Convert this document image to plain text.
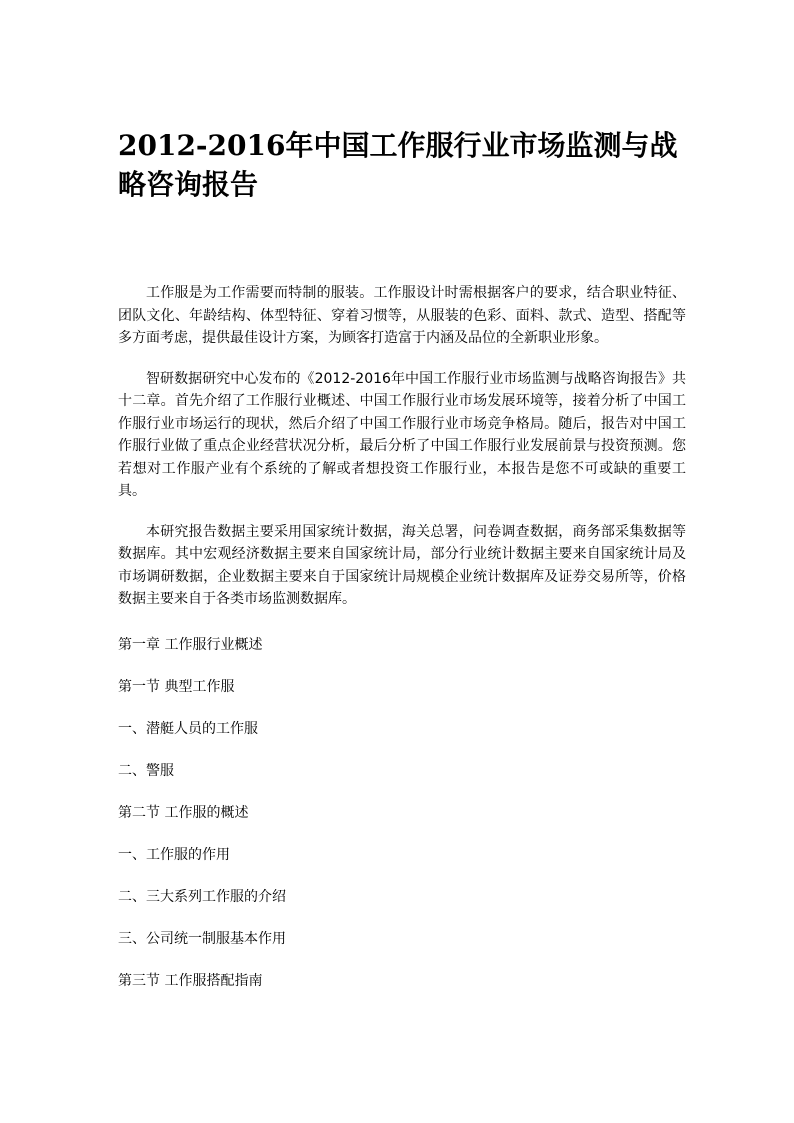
2012-2016年中国工作服行业市场监测与战略咨询报告

工作服是为工作需要而特制的服装。工作服设计时需根据客户的要求，结合职业特征、团队文化、年龄结构、体型特征、穿着习惯等，从服装的色彩、面料、款式、造型、搭配等多方面考虑，提供最佳设计方案，为顾客打造富于内涵及品位的全新职业形象。

智研数据研究中心发布的《2012-2016年中国工作服行业市场监测与战略咨询报告》共十二章。首先介绍了工作服行业概述、中国工作服行业市场发展环境等，接着分析了中国工作服行业市场运行的现状，然后介绍了中国工作服行业市场竞争格局。随后，报告对中国工作服行业做了重点企业经营状况分析，最后分析了中国工作服行业发展前景与投资预测。您若想对工作服产业有个系统的了解或者想投资工作服行业，本报告是您不可或缺的重要工具。

本研究报告数据主要采用国家统计数据，海关总署，问卷调查数据，商务部采集数据等数据库。其中宏观经济数据主要来自国家统计局，部分行业统计数据主要来自国家统计局及市场调研数据，企业数据主要来自于国家统计局规模企业统计数据库及证券交易所等，价格数据主要来自于各类市场监测数据库。

第一章 工作服行业概述
第一节 典型工作服
一、潜艇人员的工作服
二、警服
第二节 工作服的概述
一、工作服的作用
二、三大系列工作服的介绍
三、公司统一制服基本作用
第三节 工作服搭配指南
